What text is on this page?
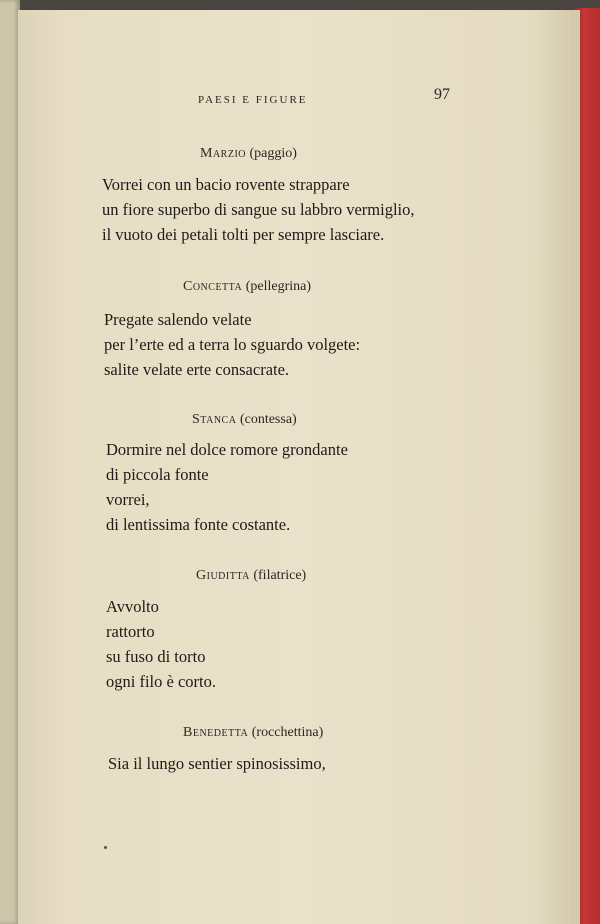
PAESI E FIGURE	97
Marzio (paggio)
Vorrei con un bacio rovente strappare
un fiore superbo di sangue su labbro vermiglio,
il vuoto dei petali tolti per sempre lasciare.
Concetta (pellegrina)
Pregate salendo velate
per l’erte ed a terra lo sguardo volgete:
salite velate erte consacrate.
Stanca (contessa)
Dormire nel dolce romore grondante
di piccola fonte
vorrei,
di lentissima fonte costante.
Giuditta (filatrice)
Avvolto
rattorto
su fuso di torto
ogni filo è corto.
Benedetta (rocchettina)
Sia il lungo sentier spinosissimo,
